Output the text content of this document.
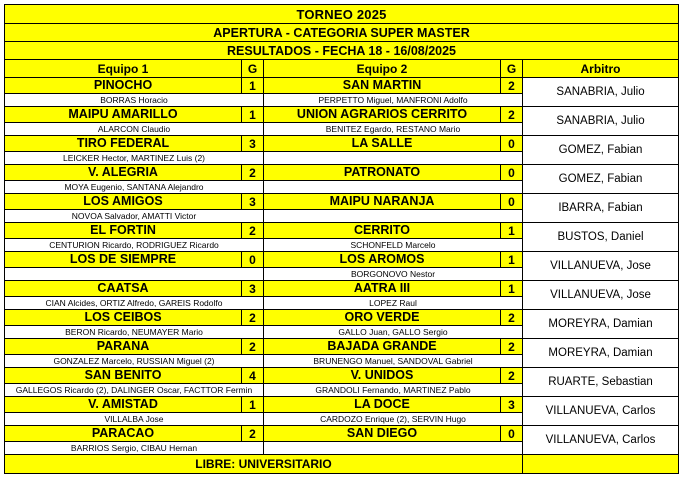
TORNEO 2025				
APERTURA - CATEGORIA SUPER MASTER				
RESULTADOS - FECHA 18 - 16/08/2025				
Equipo 1	G	Equipo 2	G	Arbitro
PINOCHO	1	SAN MARTIN	2	SANABRIA, Julio
BORRAS Horacio		PERPETTO Miguel, MANFRONI Adolfo		
MAIPU AMARILLO	1	UNION AGRARIOS CERRITO	2	SANABRIA, Julio
ALARCON Claudio		BENITEZ Egardo, RESTANO Mario		
TIRO FEDERAL	3	LA SALLE	0	GOMEZ, Fabian
LEICKER Hector, MARTINEZ Luis (2)				
V. ALEGRIA	2	PATRONATO	0	GOMEZ, Fabian
MOYA Eugenio, SANTANA Alejandro				
LOS AMIGOS	3	MAIPU NARANJA	0	IBARRA, Fabian
NOVOA Salvador, AMATTI Victor				
EL FORTIN	2	CERRITO	1	BUSTOS, Daniel
CENTURION Ricardo, RODRIGUEZ Ricardo		SCHONFELD Marcelo		
LOS DE SIEMPRE	0	LOS AROMOS	1	VILLANUEVA, Jose
		BORGONOVO Nestor		
CAATSA	3	AATRA III	1	VILLANUEVA, Jose
CIAN Alcides, ORTIZ Alfredo, GAREIS Rodolfo		LOPEZ Raul		
LOS CEIBOS	2	ORO VERDE	2	MOREYRA, Damian
BERON Ricardo, NEUMAYER Mario		GALLO Juan, GALLO Sergio		
PARANA	2	BAJADA GRANDE	2	MOREYRA, Damian
GONZALEZ Marcelo, RUSSIAN Miguel (2)		BRUNENGO Manuel, SANDOVAL Gabriel		
SAN BENITO	4	V. UNIDOS	2	RUARTE, Sebastian
GALLEGOS Ricardo (2), DALINGER Oscar, FACTTOR Fermin		GRANDOLI Fernando, MARTINEZ Pablo		
V. AMISTAD	1	LA DOCE	3	VILLANUEVA, Carlos
VILLALBA Jose		CARDOZO Enrique (2), SERVIN Hugo		
PARACAO	2	SAN DIEGO	0	VILLANUEVA, Carlos
BARRIOS Sergio, CIBAU Hernan				
LIBRE: UNIVERSITARIO				
